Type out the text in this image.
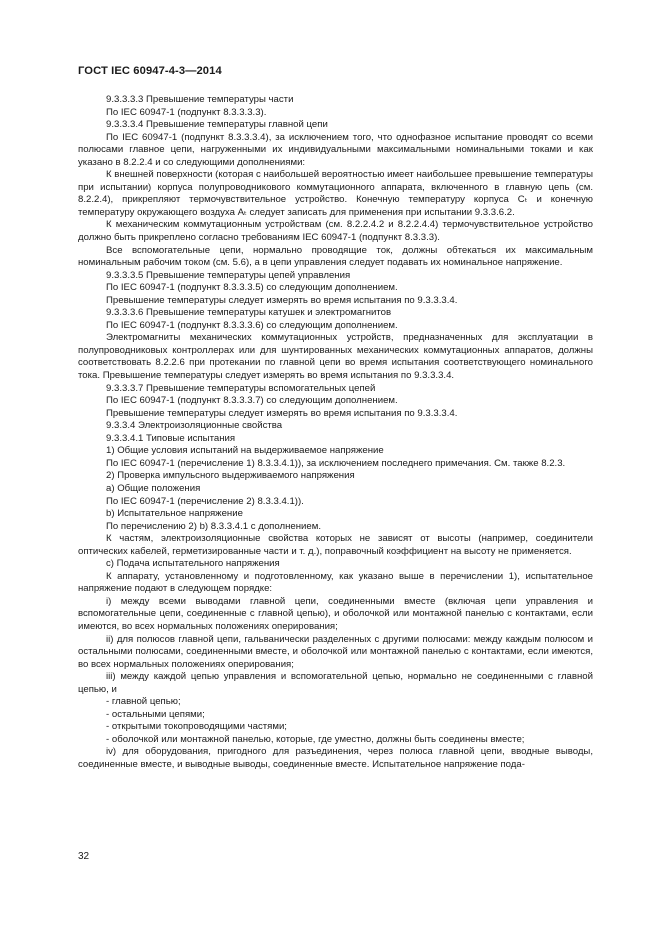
ГОСТ IEC 60947-4-3—2014

9.3.3.3.3 Превышение температуры части

По IEC 60947-1 (подпункт 8.3.3.3.3).

9.3.3.3.4 Превышение температуры главной цепи

По IEC 60947-1 (подпункт 8.3.3.3.4), за исключением того, что однофазное испытание проводят со всеми полюсами главное цепи, нагруженными их индивидуальными максимальными номинальными токами и как указано в 8.2.2.4 и со следующими дополнениями:

К внешней поверхности (которая с наибольшей вероятностью имеет наибольшее превышение температуры при испытании) корпуса полупроводникового коммутационного аппарата, включенного в главную цепь (см. 8.2.2.4), прикрепляют термочувствительное устройство. Конечную температуру корпуса Cₜ и конечную температуру окружающего воздуха Aₜ следует записать для применения при испытании 9.3.3.6.2.

К механическим коммутационным устройствам (см. 8.2.2.4.2 и 8.2.2.4.4) термочувствительное устройство должно быть прикреплено согласно требованиям IEC 60947-1 (подпункт 8.3.3.3).

Все вспомогательные цепи, нормально проводящие ток, должны обтекаться их максимальным номинальным рабочим током (см. 5.6), а в цепи управления следует подавать их номинальное напряжение.

9.3.3.3.5 Превышение температуры цепей управления

По IEC 60947-1 (подпункт 8.3.3.3.5) со следующим дополнением.

Превышение температуры следует измерять во время испытания по 9.3.3.3.4.

9.3.3.3.6 Превышение температуры катушек и электромагнитов

По IEC 60947-1 (подпункт 8.3.3.3.6) со следующим дополнением.

Электромагниты механических коммутационных устройств, предназначенных для эксплуатации в полупроводниковых контроллерах или для шунтированных механических коммутационных аппаратов, должны соответствовать 8.2.2.6 при протекании по главной цепи во время испытания соответствующего номинального тока. Превышение температуры следует измерять во время испытания по 9.3.3.3.4.

9.3.3.3.7 Превышение температуры вспомогательных цепей

По IEC 60947-1 (подпункт 8.3.3.3.7) со следующим дополнением.

Превышение температуры следует измерять во время испытания по 9.3.3.3.4.

9.3.3.4 Электроизоляционные свойства

9.3.3.4.1 Типовые испытания

1) Общие условия испытаний на выдерживаемое напряжение

По IEC 60947-1 (перечисление 1) 8.3.3.4.1)), за исключением последнего примечания. См. также 8.2.3.

2) Проверка импульсного выдерживаемого напряжения

a) Общие положения

По IEC 60947-1 (перечисление 2) 8.3.3.4.1)).

b) Испытательное напряжение

По перечислению 2) b) 8.3.3.4.1 с дополнением.

К частям, электроизоляционные свойства которых не зависят от высоты (например, соединители оптических кабелей, герметизированные части и т. д.), поправочный коэффициент на высоту не применяется.

c) Подача испытательного напряжения

К аппарату, установленному и подготовленному, как указано выше в перечислении 1), испытательное напряжение подают в следующем порядке:

i) между всеми выводами главной цепи, соединенными вместе (включая цепи управления и вспомогательные цепи, соединенные с главной цепью), и оболочкой или монтажной панелью с контактами, если имеются, во всех нормальных положениях оперирования;

ii) для полюсов главной цепи, гальванически разделенных с другими полюсами: между каждым полюсом и остальными полюсами, соединенными вместе, и оболочкой или монтажной панелью с контактами, если имеются, во всех нормальных положениях оперирования;

iii) между каждой цепью управления и вспомогательной цепью, нормально не соединенными с главной цепью, и

- главной цепью;

- остальными цепями;

- открытыми токопроводящими частями;

- оболочкой или монтажной панелью, которые, где уместно, должны быть соединены вместе;

iv) для оборудования, пригодного для разъединения, через полюса главной цепи, вводные выводы, соединенные вместе, и выводные выводы, соединенные вместе. Испытательное напряжение пода-

32
